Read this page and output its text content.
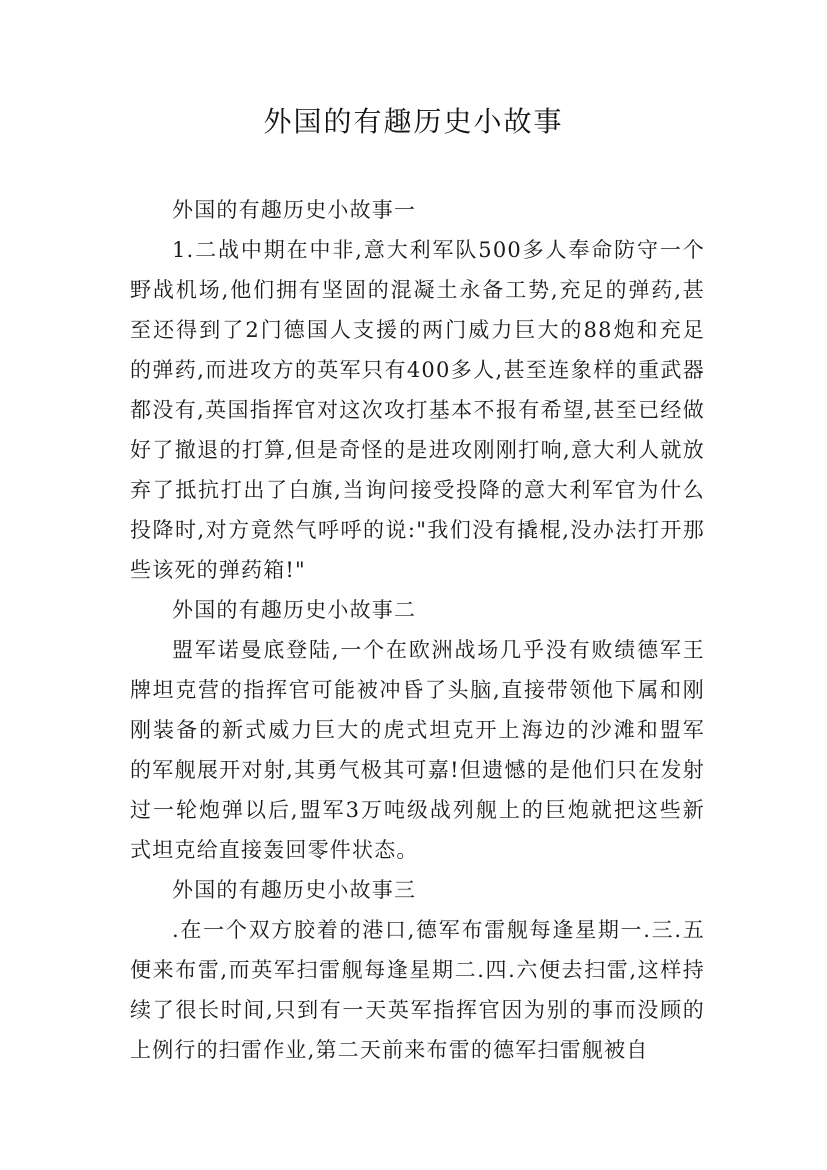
外国的有趣历史小故事

外国的有趣历史小故事一

1.二战中期在中非,意大利军队500多人奉命防守一个野战机场,他们拥有坚固的混凝土永备工势,充足的弹药,甚至还得到了2门德国人支援的两门威力巨大的88炮和充足的弹药,而进攻方的英军只有400多人,甚至连象样的重武器都没有,英国指挥官对这次攻打基本不报有希望,甚至已经做好了撤退的打算,但是奇怪的是进攻刚刚打响,意大利人就放弃了抵抗打出了白旗,当询问接受投降的意大利军官为什么投降时,对方竟然气呼呼的说:"我们没有撬棍,没办法打开那些该死的弹药箱!"

外国的有趣历史小故事二

盟军诺曼底登陆,一个在欧洲战场几乎没有败绩德军王牌坦克营的指挥官可能被冲昏了头脑,直接带领他下属和刚刚装备的新式威力巨大的虎式坦克开上海边的沙滩和盟军的军舰展开对射,其勇气极其可嘉!但遗憾的是他们只在发射过一轮炮弹以后,盟军3万吨级战列舰上的巨炮就把这些新式坦克给直接轰回零件状态。

外国的有趣历史小故事三

.在一个双方胶着的港口,德军布雷舰每逢星期一.三.五便来布雷,而英军扫雷舰每逢星期二.四.六便去扫雷,这样持续了很长时间,只到有一天英军指挥官因为别的事而没顾的上例行的扫雷作业,第二天前来布雷的德军扫雷舰被自
